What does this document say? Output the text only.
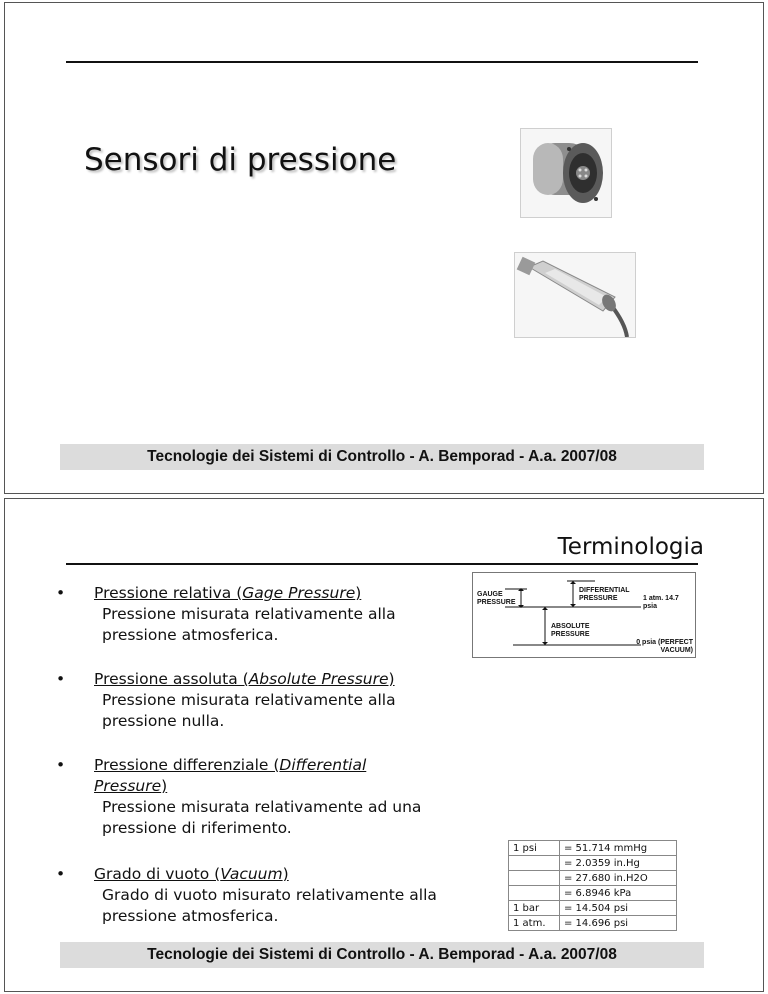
Sensori di pressione
Tecnologie dei Sistemi di Controllo - A. Bemporad - A.a. 2007/08
Terminologia
• Pressione relativa (Gage Pressure)
Pressione misurata relativamente alla pressione atmosferica.
• Pressione assoluta (Absolute Pressure)
Pressione misurata relativamente alla pressione nulla.
• Pressione differenziale (Differential Pressure)
Pressione misurata relativamente ad una pressione di riferimento.
• Grado di vuoto (Vacuum)
Grado di vuoto misurato relativamente alla pressione atmosferica.
GAUGE PRESSURE
DIFFERENTIAL PRESSURE	1 atm. 14.7 psia
ABSOLUTE PRESSURE
0 psia (PERFECT VACUUM)
1 psi	= 51.714 mmHg
	= 2.0359 in.Hg
	= 27.680 in.H2O
	= 6.8946 kPa
1 bar	= 14.504 psi
1 atm.	= 14.696 psi
Tecnologie dei Sistemi di Controllo - A. Bemporad - A.a. 2007/08
